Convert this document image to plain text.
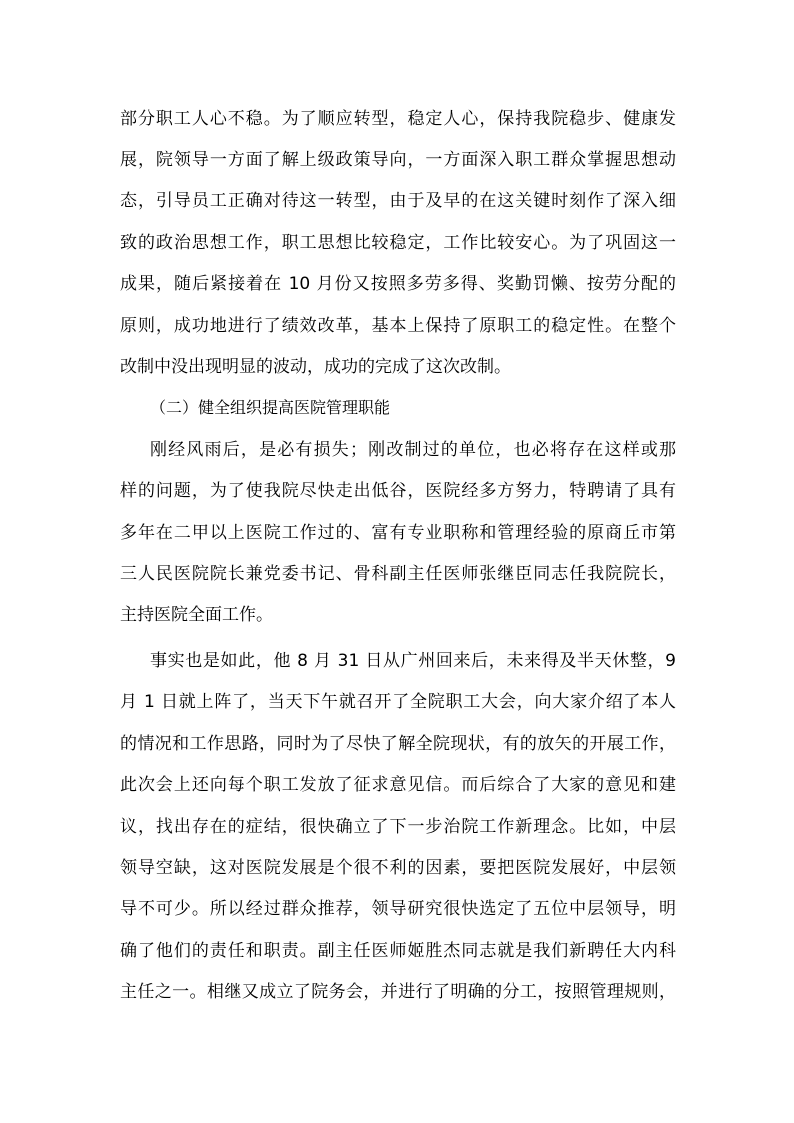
部分职工人心不稳。为了顺应转型，稳定人心，保持我院稳步、健康发
展，院领导一方面了解上级政策导向，一方面深入职工群众掌握思想动
态，引导员工正确对待这一转型，由于及早的在这关键时刻作了深入细
致的政治思想工作，职工思想比较稳定，工作比较安心。为了巩固这一
成果，随后紧接着在 10 月份又按照多劳多得、奖勤罚懒、按劳分配的
原则，成功地进行了绩效改革，基本上保持了原职工的稳定性。在整个
改制中没出现明显的波动，成功的完成了这次改制。
（二）健全组织提高医院管理职能
刚经风雨后，是必有损失；刚改制过的单位，也必将存在这样或那
样的问题，为了使我院尽快走出低谷，医院经多方努力，特聘请了具有
多年在二甲以上医院工作过的、富有专业职称和管理经验的原商丘市第
三人民医院院长兼党委书记、骨科副主任医师张继臣同志任我院院长，
主持医院全面工作。
事实也是如此，他 8 月 31 日从广州回来后，未来得及半天休整，9
月 1 日就上阵了，当天下午就召开了全院职工大会，向大家介绍了本人
的情况和工作思路，同时为了尽快了解全院现状，有的放矢的开展工作，
此次会上还向每个职工发放了征求意见信。而后综合了大家的意见和建
议，找出存在的症结，很快确立了下一步治院工作新理念。比如，中层
领导空缺，这对医院发展是个很不利的因素，要把医院发展好，中层领
导不可少。所以经过群众推荐，领导研究很快选定了五位中层领导，明
确了他们的责任和职责。副主任医师姬胜杰同志就是我们新聘任大内科
主任之一。相继又成立了院务会，并进行了明确的分工，按照管理规则，
